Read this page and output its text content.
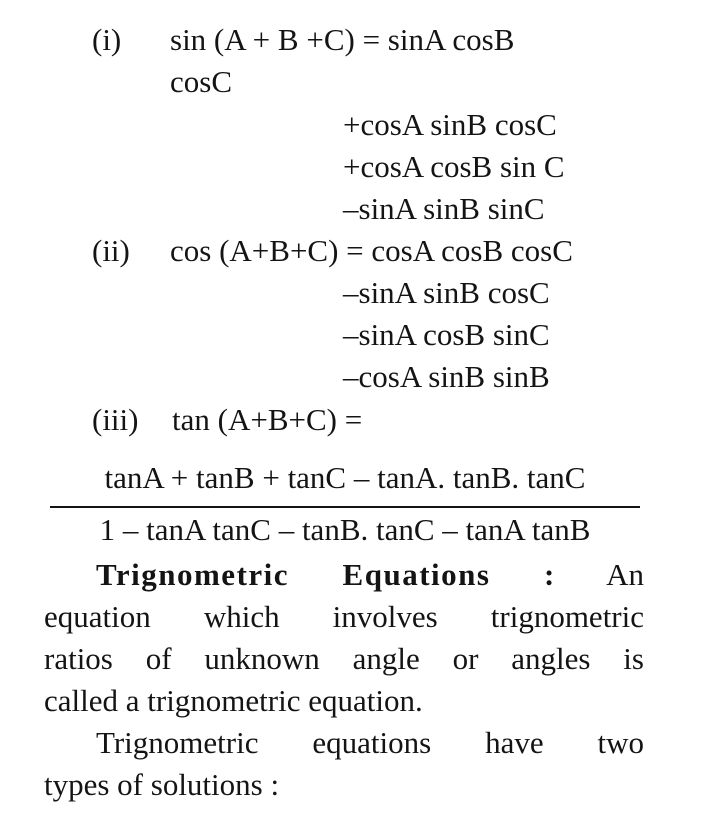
(i) sin (A + B +C) = sinA cosB
cosC
+cosA sinB cosC
+cosA cosB sin C
–sinA sinB sinC
(ii) cos (A+B+C) = cosA cosB cosC
–sinA sinB cosC
–sinA cosB sinC
–cosA sinB sinB
(iii) tan (A+B+C) =
tanA + tanB + tanC – tanA. tanB. tanC
1 – tanA tanC – tanB. tanC – tanA tanB
Trignometric Equations : An
equation which involves trignometric
ratios of unknown angle or angles is
called a trignometric equation.
Trignometric equations have two
types of solutions :
